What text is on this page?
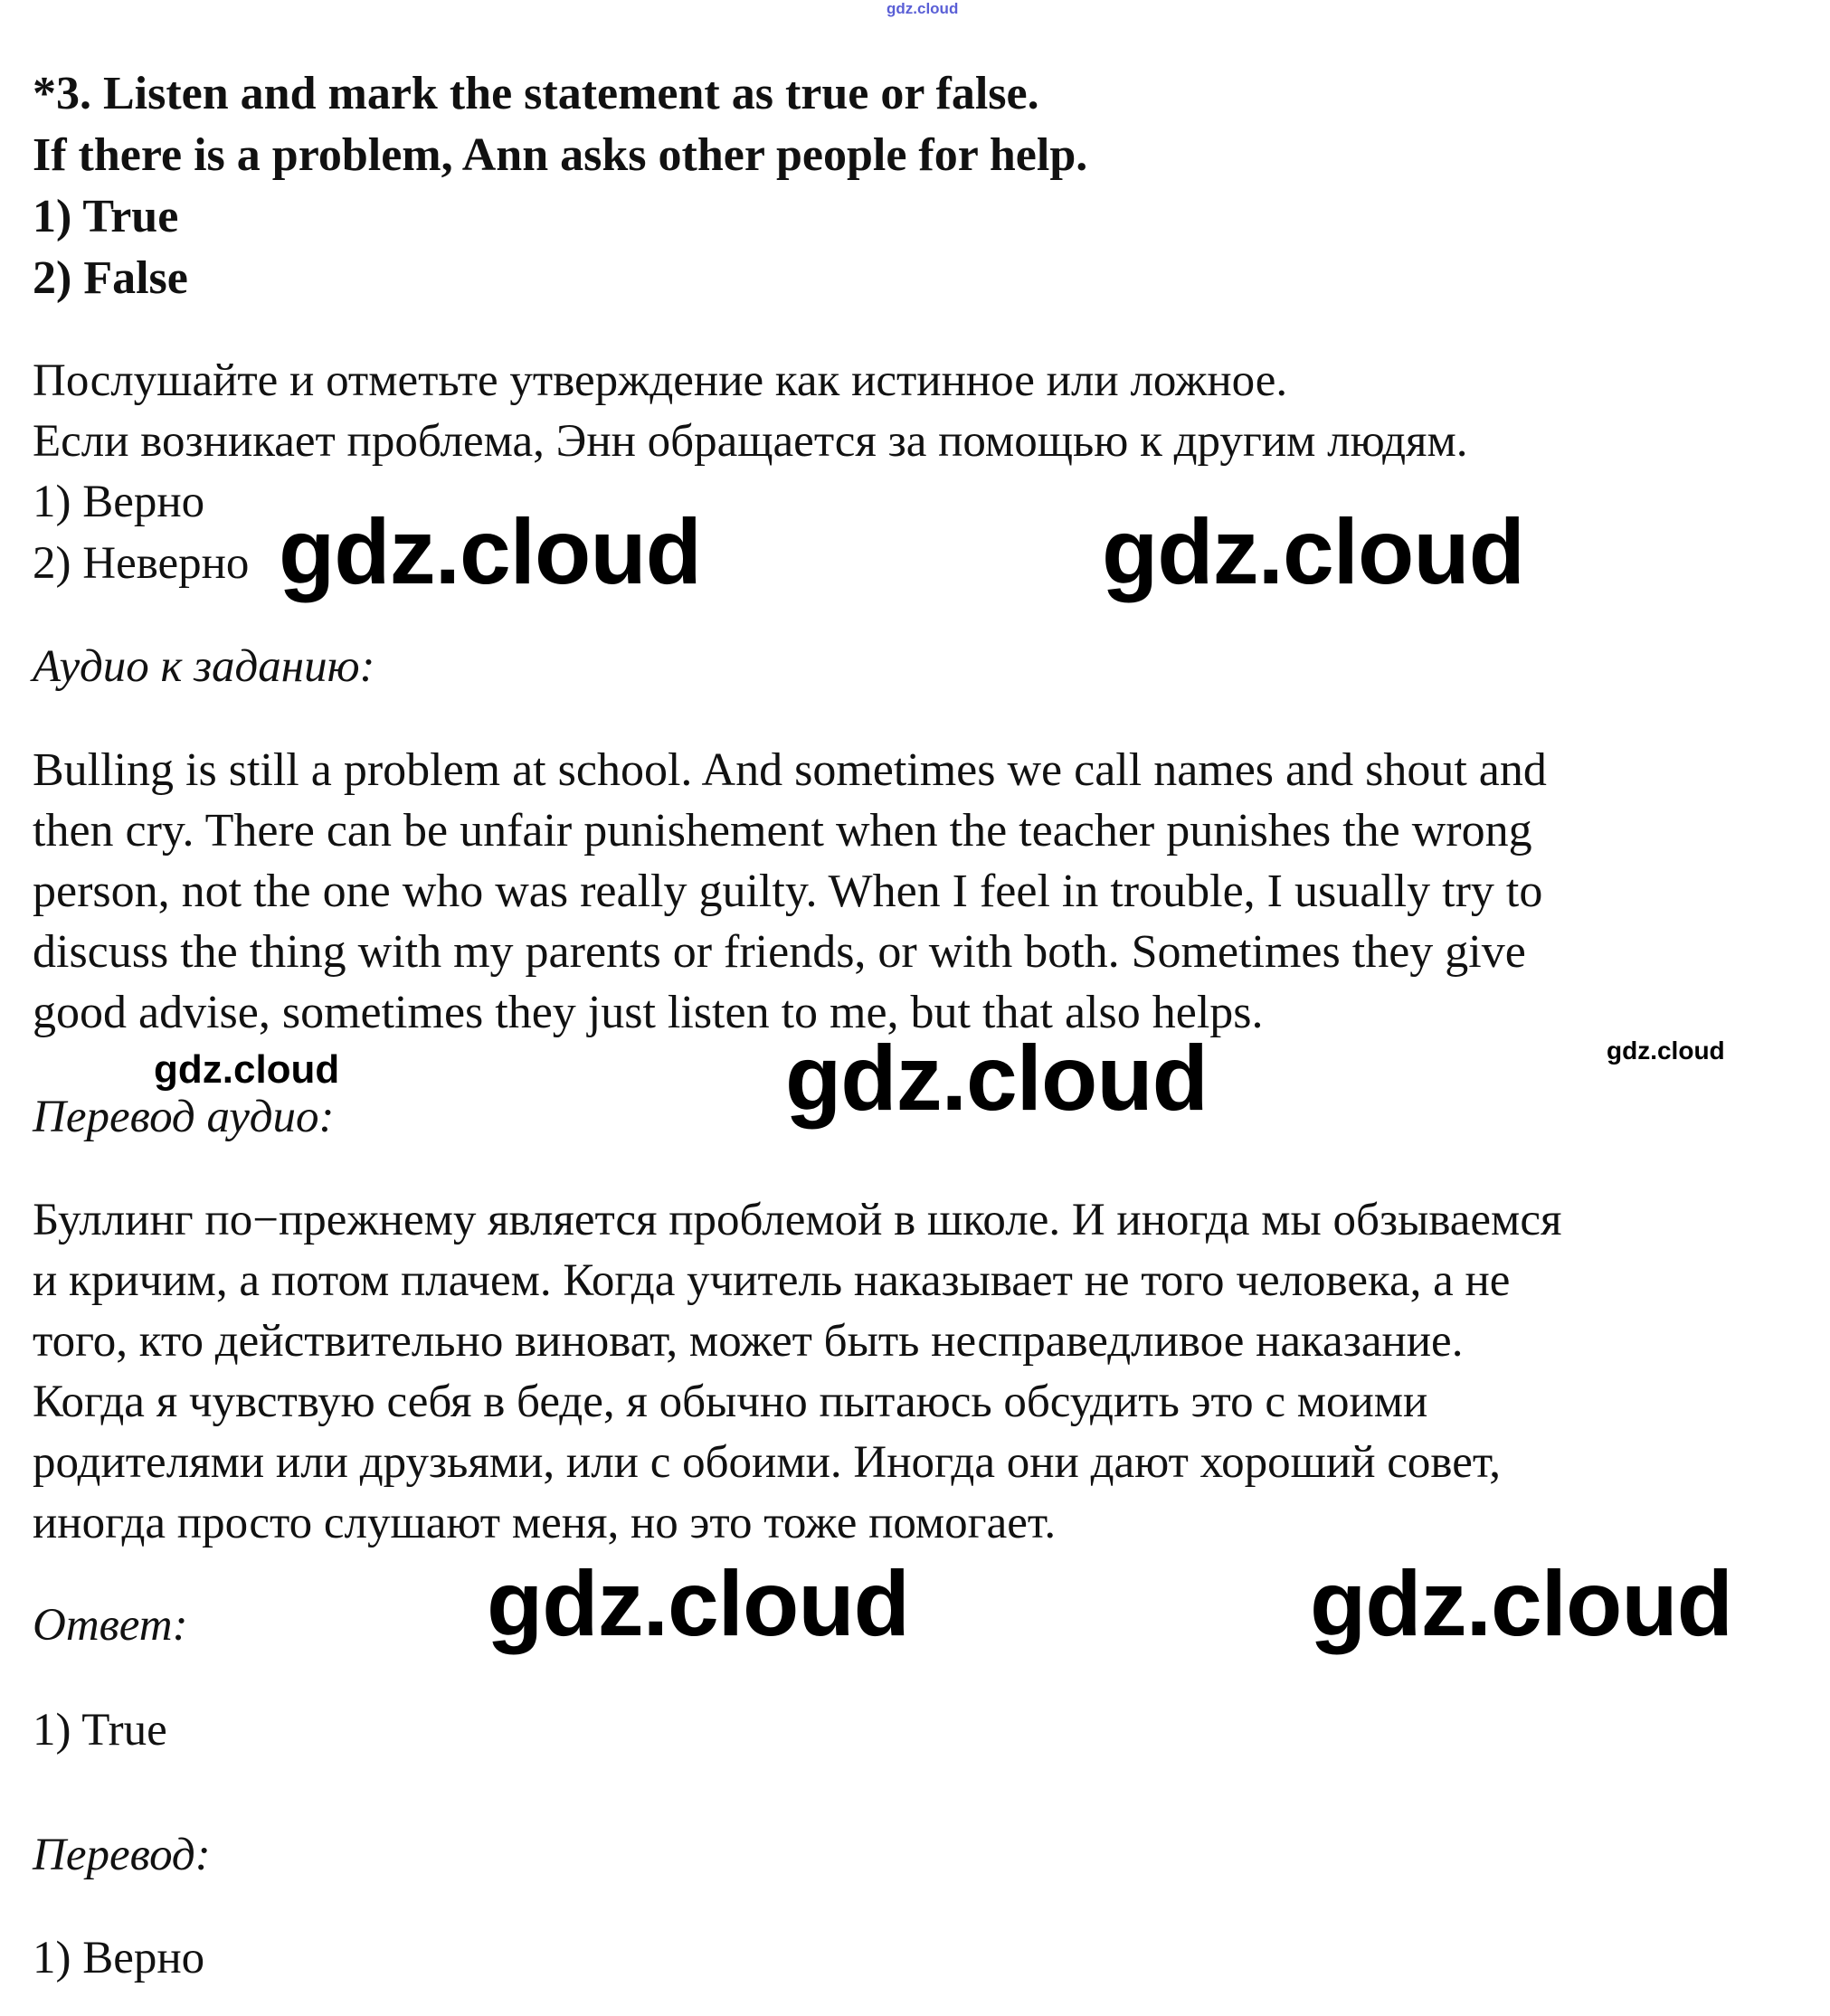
gdz.cloud
*3. Listen and mark the statement as true or false.
If there is a problem, Ann asks other people for help.
1) True
2) False
Послушайте и отметьте утверждение как истинное или ложное.
Если возникает проблема, Энн обращается за помощью к другим людям.
1) Верно
2) Неверно gdz.cloud	gdz.cloud
Аудио к заданию:
Bulling is still a problem at school. And sometimes we call names and shout and
then cry. There can be unfair punishement when the teacher punishes the wrong
person, not the one who was really guilty. When I feel in trouble, I usually try to
discuss the thing with my parents or friends, or with both. Sometimes they give
good advise, sometimes they just listen to me, but that also helps.
gdz.cloud
gdz.cloud	gdz.cloud
Перевод аудио:
Буллинг по−прежнему является проблемой в школе. И иногда мы обзываемся
и кричим, а потом плачем. Когда учитель наказывает не того человека, а не
того, кто действительно виноват, может быть несправедливое наказание.
Когда я чувствую себя в беде, я обычно пытаюсь обсудить это с моими
родителями или друзьями, или с обоими. Иногда они дают хороший совет,
иногда просто слушают меня, но это тоже помогает.
gdz.cloud	gdz.cloud
Ответ:
1) True
Перевод:
1) Верно
